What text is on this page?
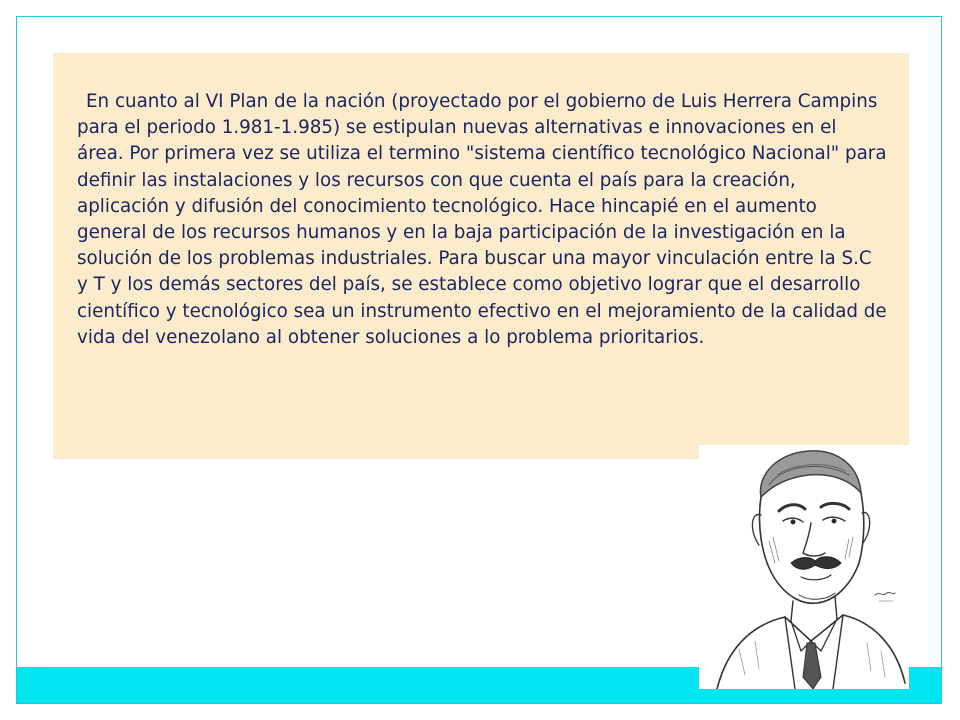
En cuanto al VI Plan de la nación (proyectado por el gobierno de Luis Herrera Campins para el periodo 1.981-1.985) se estipulan nuevas alternativas e innovaciones en el área. Por primera vez se utiliza el termino "sistema científico tecnológico Nacional" para definir las instalaciones y los recursos con que cuenta el país para la creación, aplicación y difusión del conocimiento tecnológico. Hace hincapié en el aumento general de los recursos humanos y en la baja participación de la investigación en la solución de los problemas industriales. Para buscar una mayor vinculación entre la S.C y T y los demás sectores del país, se establece como objetivo lograr que el desarrollo científico y tecnológico sea un instrumento efectivo en el mejoramiento de la calidad de vida del venezolano al obtener soluciones a lo problema prioritarios.
